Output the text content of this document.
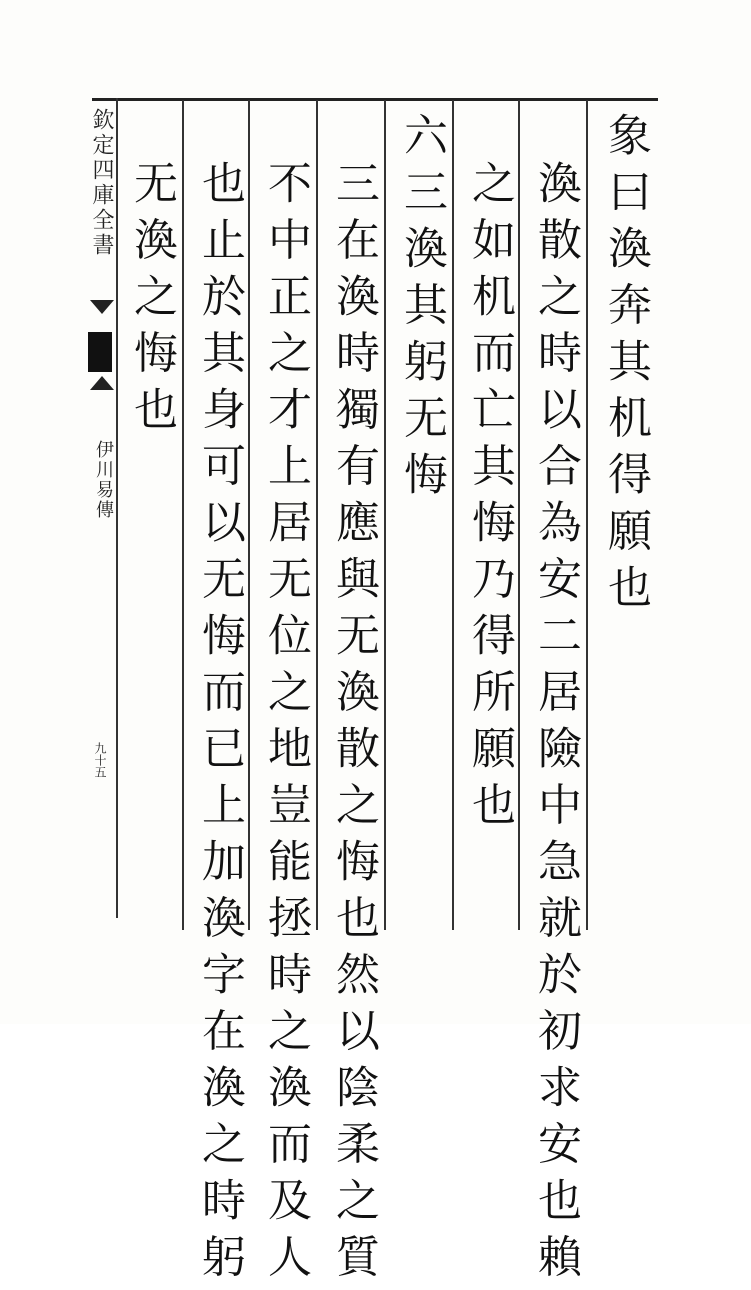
欽定四庫全書
伊川易傳
九十五
象曰渙奔其机得願也
渙散之時以合為安二居險中急就於初求安也賴
之如机而亡其悔乃得所願也
六三渙其躬无悔
三在渙時獨有應與无渙散之悔也然以陰柔之質
不中正之才上居无位之地豈能拯時之渙而及人
也止於其身可以无悔而已上加渙字在渙之時躬
无渙之悔也
